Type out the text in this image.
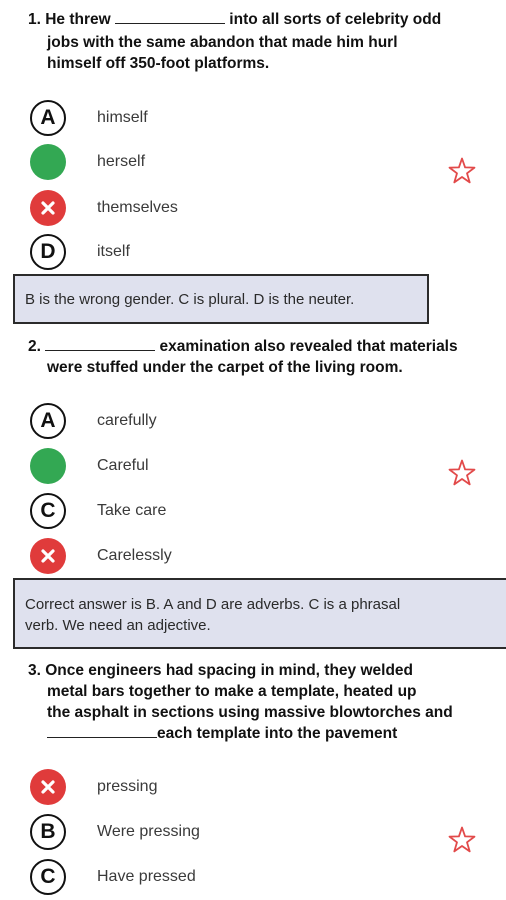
1. He threw	into all sorts of celebrity odd
jobs with the same abandon that made him hurl
himself off 350-foot platforms.
A	himself
herself
themselves
D	itself
B is the wrong gender. C is plural. D is the neuter.
2.	examination also revealed that materials
were stuffed under the carpet of the living room.
A	carefully
Careful
C	Take care
Carelessly
Correct answer is B. A and D are adverbs. C is a phrasal
verb. We need an adjective.
3. Once engineers had spacing in mind, they welded
metal bars together to make a template, heated up
the asphalt in sections using massive blowtorches and
each template into the pavement
pressing
B	Were pressing
C	Have pressed
